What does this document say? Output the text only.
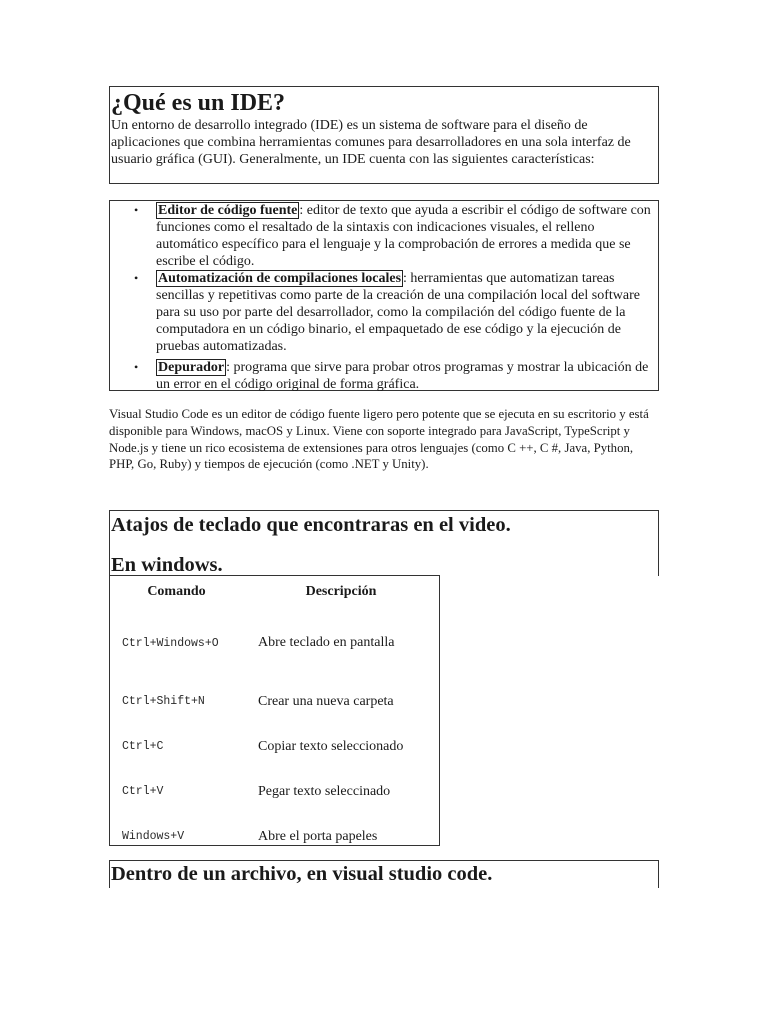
¿Qué es un IDE?

Un entorno de desarrollo integrado (IDE) es un sistema de software para el diseño de aplicaciones que combina herramientas comunes para desarrolladores en una sola interfaz de usuario gráfica (GUI). Generalmente, un IDE cuenta con las siguientes características:

• Editor de código fuente : editor de texto que ayuda a escribir el código de software con funciones como el resaltado de la sintaxis con indicaciones visuales, el relleno automático específico para el lenguaje y la comprobación de errores a medida que se escribe el código.
• Automatización de compilaciones locales : herramientas que automatizan tareas sencillas y repetitivas como parte de la creación de una compilación local del software para su uso por parte del desarrollador, como la compilación del código fuente de la computadora en un código binario, el empaquetado de ese código y la ejecución de pruebas automatizadas.
• Depurador : programa que sirve para probar otros programas y mostrar la ubicación de un error en el código original de forma gráfica.

Visual Studio Code es un editor de código fuente ligero pero potente que se ejecuta en su escritorio y está disponible para Windows, macOS y Linux. Viene con soporte integrado para JavaScript, TypeScript y Node.js y tiene un rico ecosistema de extensiones para otros lenguajes (como C ++, C #, Java, Python, PHP, Go, Ruby) y tiempos de ejecución (como .NET y Unity).

Atajos de teclado que encontraras en el video.

En windows.

Comando	Descripción
Ctrl+Windows+O	Abre teclado en pantalla
Ctrl+Shift+N	Crear una nueva carpeta
Ctrl+C	Copiar texto seleccionado
Ctrl+V	Pegar texto seleccinado
Windows+V	Abre el porta papeles

Dentro de un archivo, en visual studio code.
